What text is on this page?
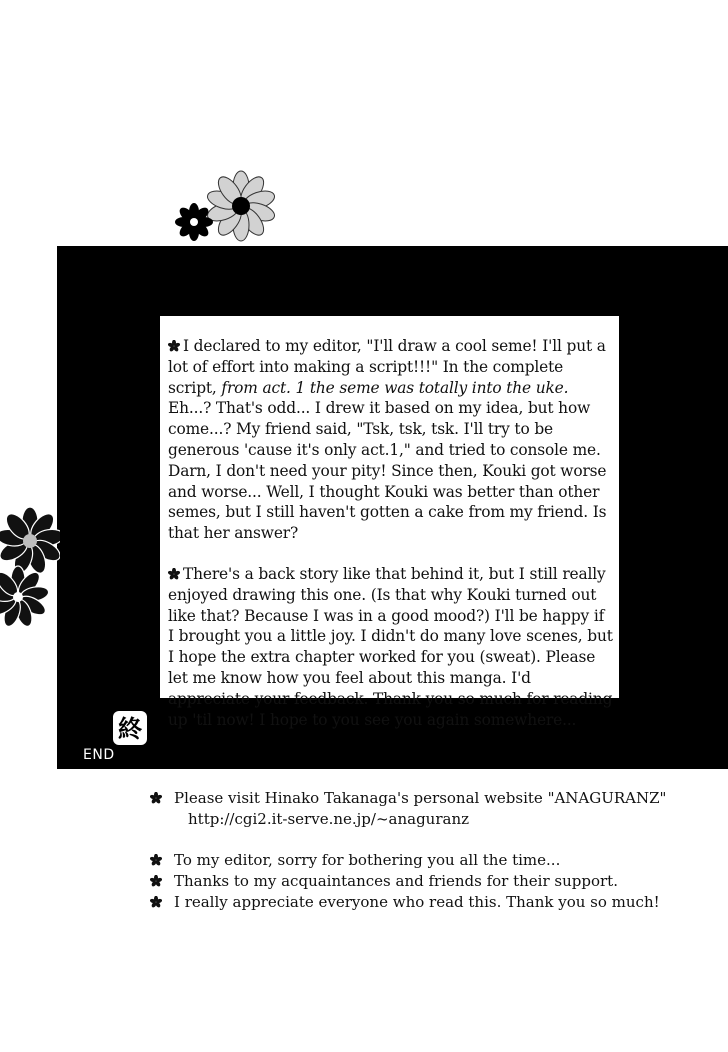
I declared to my editor, "I'll draw a cool seme! I'll put a lot of effort into making a script!!!" In the complete script, from act. 1 the seme was totally into the uke. Eh...? That's odd... I drew it based on my idea, but how come...? My friend said, "Tsk, tsk, tsk. I'll try to be generous 'cause it's only act.1," and tried to console me. Darn, I don't need your pity! Since then, Kouki got worse and worse... Well, I thought Kouki was better than other semes, but I still haven't gotten a cake from my friend. Is that her answer?

There's a back story like that behind it, but I still really enjoyed drawing this one. (Is that why Kouki turned out like that? Because I was in a good mood?) I'll be happy if I brought you a little joy. I didn't do many love scenes, but I hope the extra chapter worked for you (sweat). Please let me know how you feel about this manga. I'd appreciate your feedback. Thank you so much for reading up 'til now! I hope to you see you again somewhere...

終
END
Please visit Hinako Takanaga's personal website "ANAGURANZ"
http://cgi2.it-serve.ne.jp/~anaguranz
To my editor, sorry for bothering you all the time...
Thanks to my acquaintances and friends for their support.
I really appreciate everyone who read this. Thank you so much!
